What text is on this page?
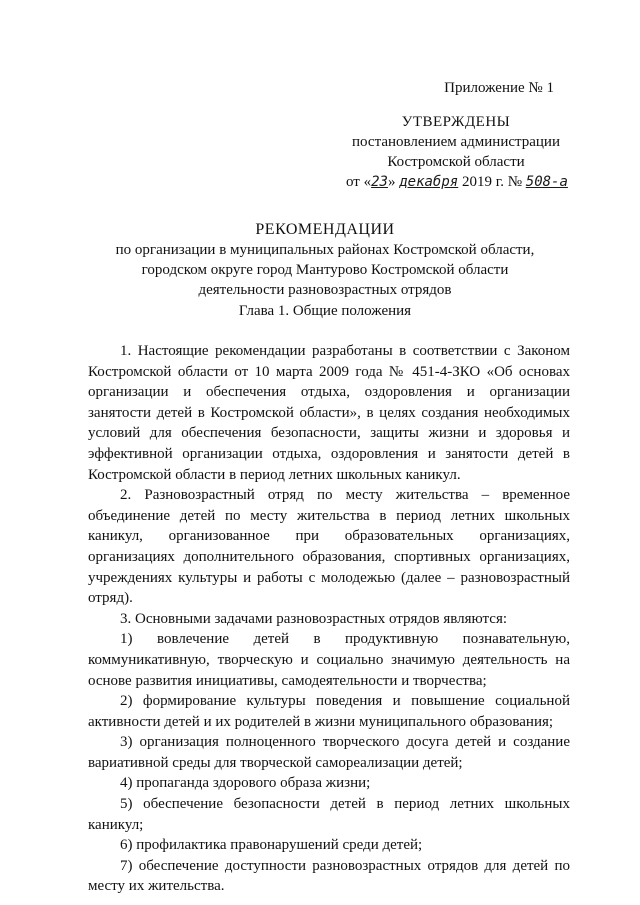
Приложение № 1
УТВЕРЖДЕНЫ
постановлением администрации
Костромской области
от «23» декабря 2019 г. № 508-а
РЕКОМЕНДАЦИИ
по организации в муниципальных районах Костромской области,
городском округе город Мантурово Костромской области
деятельности разновозрастных отрядов
Глава 1. Общие положения

1. Настоящие рекомендации разработаны в соответствии с Законом Костромской области от 10 марта 2009 года № 451-4-ЗКО «Об основах организации и обеспечения отдыха, оздоровления и организации занятости детей в Костромской области», в целях создания необходимых условий для обеспечения безопасности, защиты жизни и здоровья и эффективной организации отдыха, оздоровления и занятости детей в Костромской области в период летних школьных каникул.

2. Разновозрастный отряд по месту жительства – временное объединение детей по месту жительства в период летних школьных каникул, организованное при образовательных организациях, организациях дополнительного образования, спортивных организациях, учреждениях культуры и работы с молодежью (далее – разновозрастный отряд).

3. Основными задачами разновозрастных отрядов являются:

1) вовлечение детей в продуктивную познавательную, коммуникативную, творческую и социально значимую деятельность на основе развития инициативы, самодеятельности и творчества;

2) формирование культуры поведения и повышение социальной активности детей и их родителей в жизни муниципального образования;

3) организация полноценного творческого досуга детей и создание вариативной среды для творческой самореализации детей;

4) пропаганда здорового образа жизни;

5) обеспечение безопасности детей в период летних школьных каникул;

6) профилактика правонарушений среди детей;

7) обеспечение доступности разновозрастных отрядов для детей по месту их жительства.
